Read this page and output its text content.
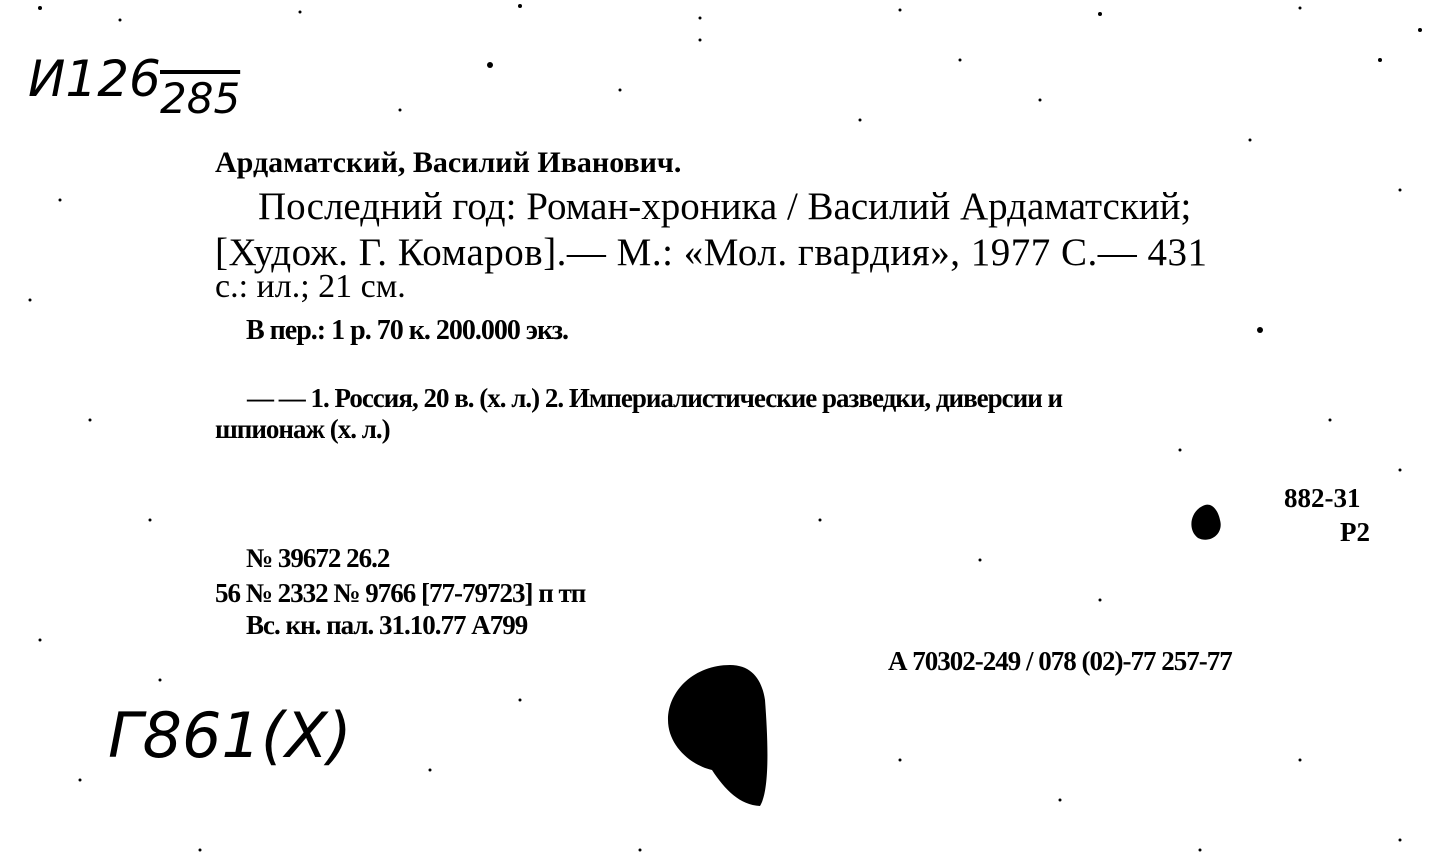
И126 285
Ардаматский, Василий Иванович.
Последний год: Роман-хроника / Василий Ардаматский;
[Худож. Г. Комаров].— М.: «Мол. гвардия», 1977 С.— 431
с.: ил.; 21 см.
В пер.: 1 р. 70 к. 200.000 экз.
— — 1. Россия, 20 в. (х. л.) 2. Империалистические разведки, диверсии и
шпионаж (х. л.)
882-31
Р2
№ 39672 26.2
56 № 2332 № 9766 [77-79723] п тп
Вс. кн. пал. 31.10.77 А799
А 70302-249 / 078 (02)-77 257-77
Г861(Х)
